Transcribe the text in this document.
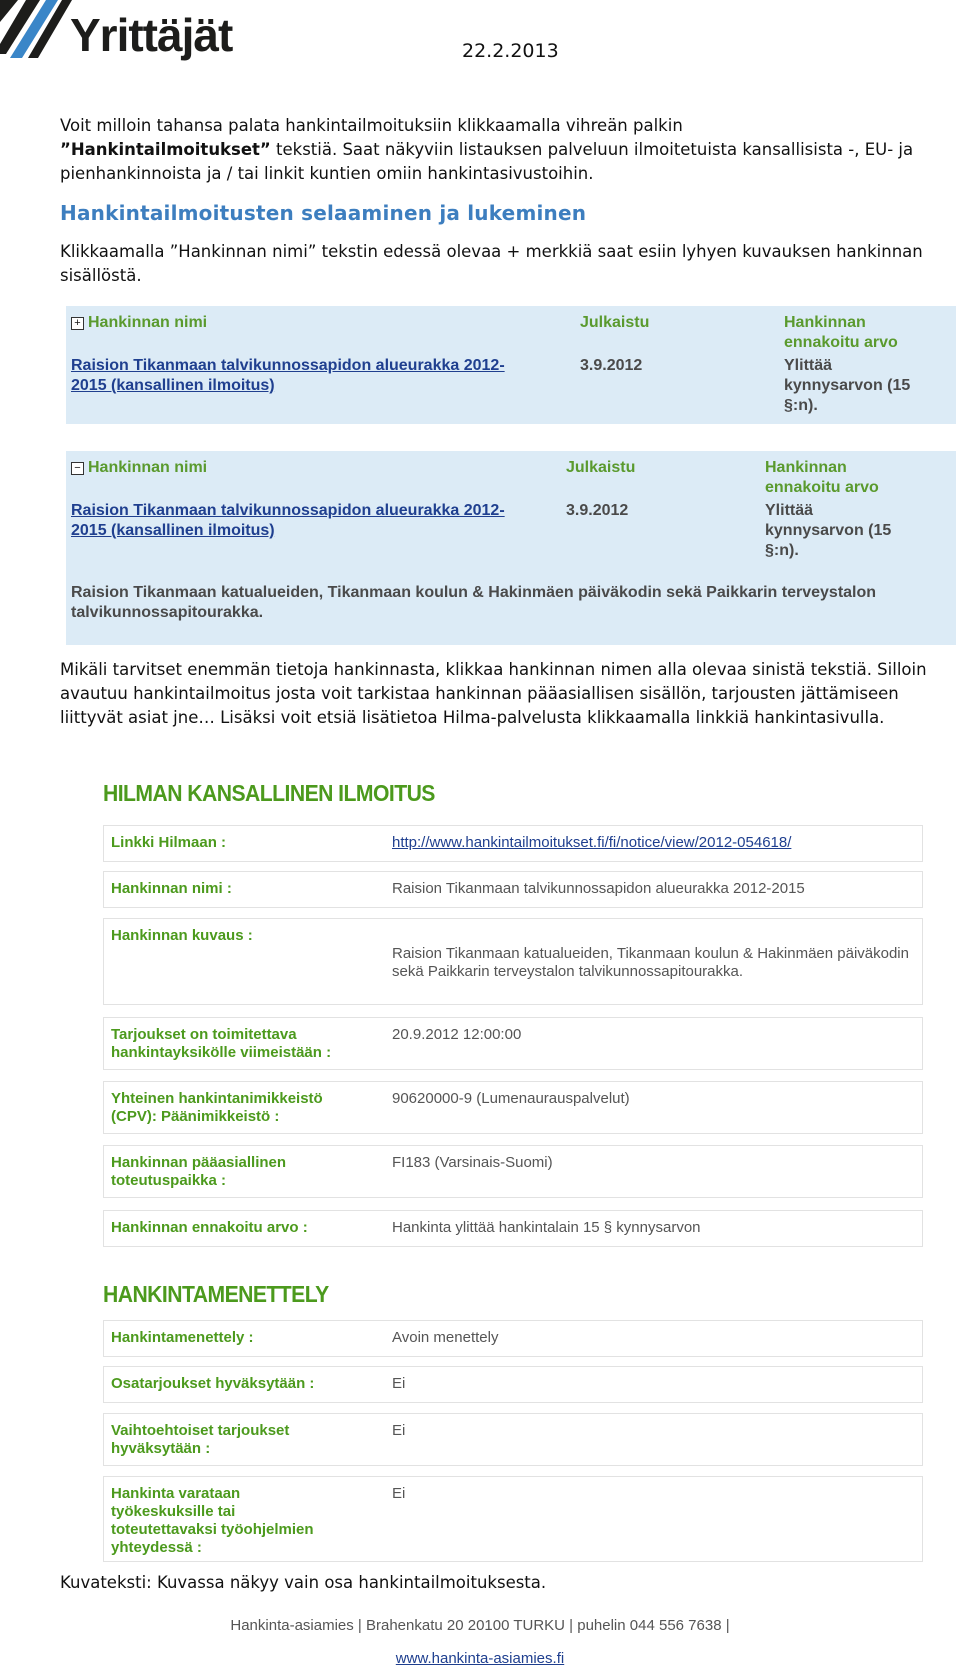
Yrittäjät	22.2.2013
Voit milloin tahansa palata hankintailmoituksiin klikkaamalla vihreän palkin
”Hankintailmoitukset” tekstiä. Saat näkyviin listauksen palveluun ilmoitetuista kansallisista -, EU- ja pienhankinnoista ja / tai linkit kuntien omiin hankintasivustoihin.
Hankintailmoitusten selaaminen ja lukeminen
Klikkaamalla ”Hankinnan nimi” tekstin edessä olevaa + merkkiä saat esiin lyhyen kuvauksen hankinnan sisällöstä.
+ Hankinnan nimi	Julkaistu	Hankinnan
ennakoitu arvo
Raision Tikanmaan talvikunnossapidon alueurakka 2012-
2015 (kansallinen ilmoitus)
3.9.2012	Ylittää
kynnysarvon (15
§:n).
− Hankinnan nimi	Julkaistu	Hankinnan
ennakoitu arvo
Raision Tikanmaan talvikunnossapidon alueurakka 2012-
2015 (kansallinen ilmoitus)
3.9.2012	Ylittää
kynnysarvon (15
§:n).
Raision Tikanmaan katualueiden, Tikanmaan koulun & Hakinmäen päiväkodin sekä Paikkarin terveystalon
talvikunnossapitourakka.
Mikäli tarvitset enemmän tietoja hankinnasta, klikkaa hankinnan nimen alla olevaa sinistä tekstiä. Silloin avautuu hankintailmoitus josta voit tarkistaa hankinnan pääasiallisen sisällön, tarjousten jättämiseen liittyvät asiat jne… Lisäksi voit etsiä lisätietoa Hilma-palvelusta klikkaamalla linkkiä hankintasivulla.
HILMAN KANSALLINEN ILMOITUS
Linkki Hilmaan :	http://www.hankintailmoitukset.fi/fi/notice/view/2012-054618/
Hankinnan nimi :	Raision Tikanmaan talvikunnossapidon alueurakka 2012-2015
Hankinnan kuvaus :
Raision Tikanmaan katualueiden, Tikanmaan koulun & Hakinmäen päiväkodin sekä Paikkarin terveystalon talvikunnossapitourakka.
Tarjoukset on toimitettava hankintayksikölle viimeistään :
20.9.2012 12:00:00
Yhteinen hankintanimikkeistö (CPV): Päänimikkeistö :
90620000-9 (Lumenaurauspalvelut)
Hankinnan pääasiallinen toteutuspaikka :
FI183 (Varsinais-Suomi)
Hankinnan ennakoitu arvo :	Hankinta ylittää hankintalain 15 § kynnysarvon
HANKINTAMENETTELY
Hankintamenettely :	Avoin menettely
Osatarjoukset hyväksytään :	Ei
Vaihtoehtoiset tarjoukset hyväksytään :
Ei
Hankinta varataan työkeskuksille tai toteutettavaksi työohjelmien yhteydessä :
Ei
Kuvateksti: Kuvassa näkyy vain osa hankintailmoituksesta.
Hankinta-asiamies | Brahenkatu 20 20100 TURKU | puhelin 044 556 7638 |
www.hankinta-asiamies.fi
